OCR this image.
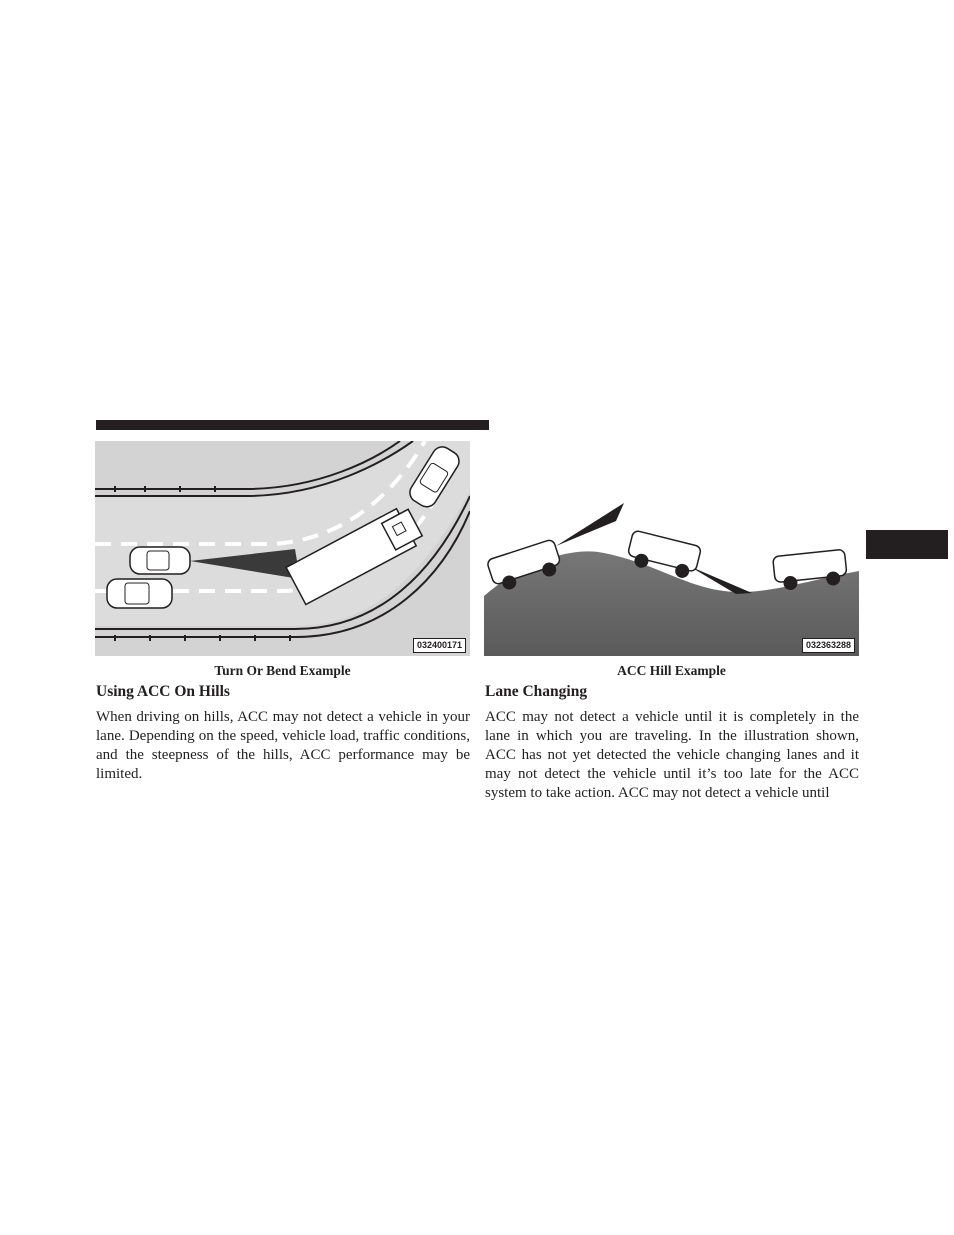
032400171	032363288
Turn Or Bend Example	ACC Hill Example
Using ACC On Hills	Lane Changing

When driving on hills, ACC may not detect a vehicle in your lane. Depending on the speed, vehicle load, traffic conditions, and the steepness of the hills, ACC performance may be limited.

ACC may not detect a vehicle until it is completely in the lane in which you are traveling. In the illustration shown, ACC has not yet detected the vehicle changing lanes and it may not detect the vehicle until it’s too late for the ACC system to take action. ACC may not detect a vehicle until
